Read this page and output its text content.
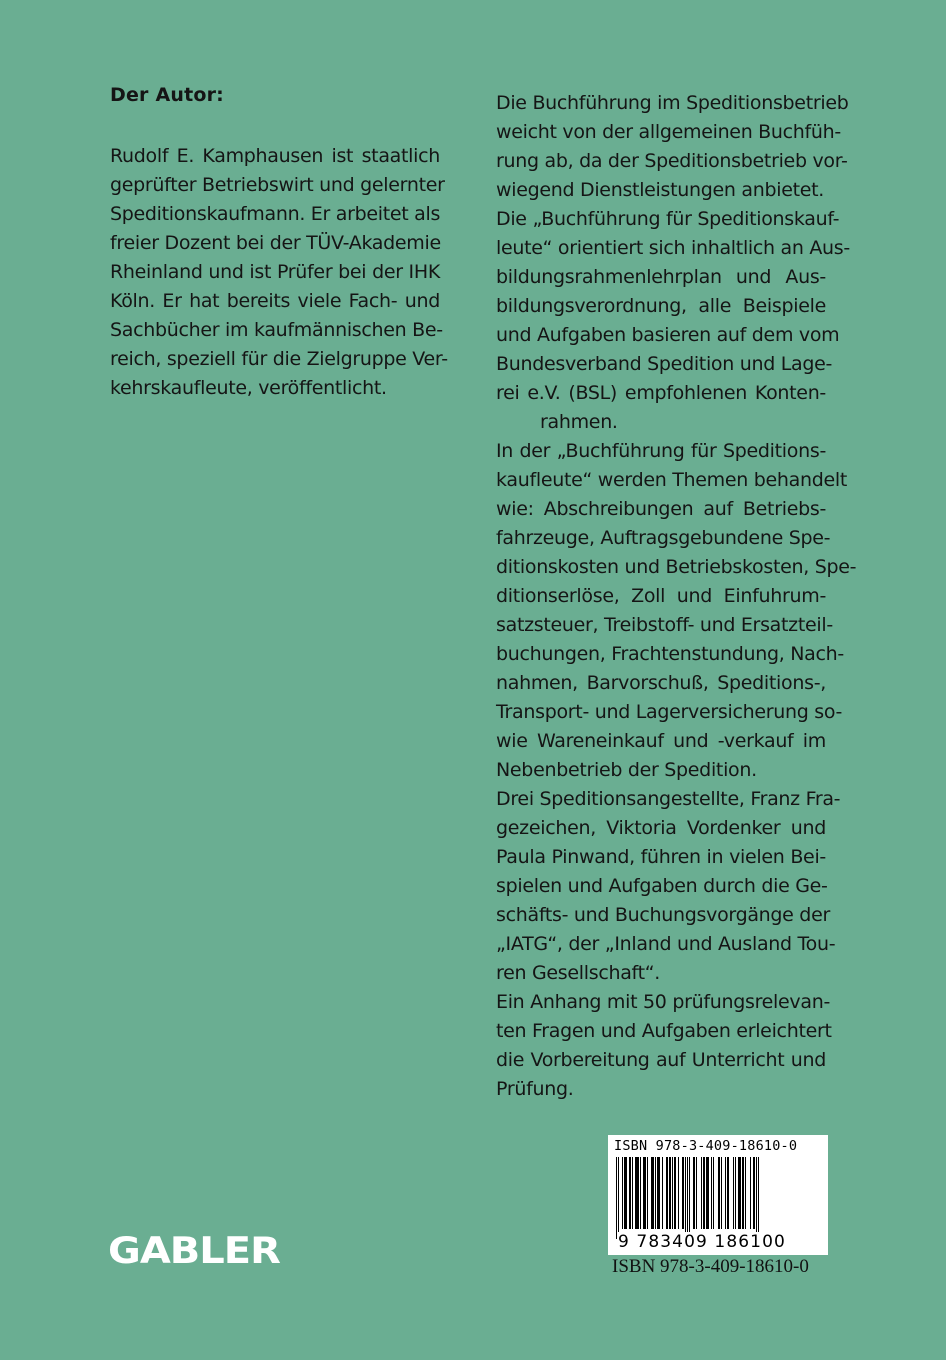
Der Autor:
Rudolf E. Kamphausen ist staatlich
geprüfter Betriebswirt und gelernter
Speditionskaufmann. Er arbeitet als
freier Dozent bei der TÜV-Akademie
Rheinland und ist Prüfer bei der IHK
Köln. Er hat bereits viele Fach- und
Sachbücher im kaufmännischen Be-
reich, speziell für die Zielgruppe Ver-
kehrskaufleute, veröffentlicht.
Die Buchführung im Speditionsbetrieb
weicht von der allgemeinen Buchfüh-
rung ab, da der Speditionsbetrieb vor-
wiegend Dienstleistungen anbietet.
Die „Buchführung für Speditionskauf-
leute“ orientiert sich inhaltlich an Aus-
bildungsrahmenlehrplan und Aus-
bildungsverordnung, alle Beispiele
und Aufgaben basieren auf dem vom
Bundesverband Spedition und Lage-
rei e.V. (BSL) empfohlenen Konten-
rahmen.
In der „Buchführung für Speditions-
kaufleute“ werden Themen behandelt
wie: Abschreibungen auf Betriebs-
fahrzeuge, Auftragsgebundene Spe-
ditionskosten und Betriebskosten, Spe-
ditionserlöse, Zoll und Einfuhrum-
satzsteuer, Treibstoff- und Ersatzteil-
buchungen, Frachtenstundung, Nach-
nahmen, Barvorschuß, Speditions-,
Transport- und Lagerversicherung so-
wie Wareneinkauf und -verkauf im
Nebenbetrieb der Spedition.
Drei Speditionsangestellte, Franz Fra-
gezeichen, Viktoria Vordenker und
Paula Pinwand, führen in vielen Bei-
spielen und Aufgaben durch die Ge-
schäfts- und Buchungsvorgänge der
„IATG“, der „Inland und Ausland Tou-
ren Gesellschaft“.
Ein Anhang mit 50 prüfungsrelevan-
ten Fragen und Aufgaben erleichtert
die Vorbereitung auf Unterricht und
Prüfung.
ISBN 978-3-409-18610-0
9 783409 186100
ISBN 978-3-409-18610-0
GABLER
